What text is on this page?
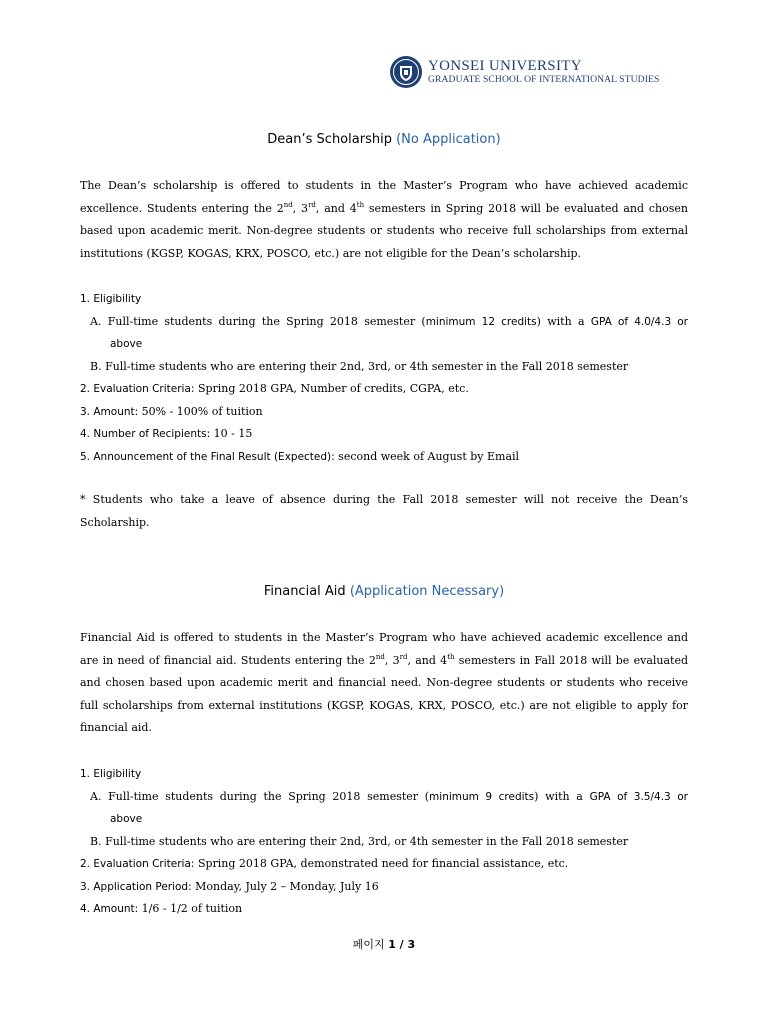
YONSEI UNIVERSITY
GRADUATE SCHOOL OF INTERNATIONAL STUDIES
Dean’s Scholarship (No Application)
The Dean’s scholarship is offered to students in the Master’s Program who have achieved academic
excellence. Students entering the 2nd, 3rd, and 4th semesters in Spring 2018 will be evaluated and chosen
based upon academic merit. Non-degree students or students who receive full scholarships from external
institutions (KGSP, KOGAS, KRX, POSCO, etc.) are not eligible for the Dean’s scholarship.
1. Eligibility
A. Full-time students during the Spring 2018 semester (minimum 12 credits) with a GPA of 4.0/4.3 or
above
B. Full-time students who are entering their 2nd, 3rd, or 4th semester in the Fall 2018 semester
2. Evaluation Criteria: Spring 2018 GPA, Number of credits, CGPA, etc.
3. Amount: 50% - 100% of tuition
4. Number of Recipients: 10 - 15
5. Announcement of the Final Result (Expected): second week of August by Email
* Students who take a leave of absence during the Fall 2018 semester will not receive the Dean’s
Scholarship.
Financial Aid (Application Necessary)
Financial Aid is offered to students in the Master’s Program who have achieved academic excellence and
are in need of financial aid. Students entering the 2nd, 3rd, and 4th semesters in Fall 2018 will be evaluated
and chosen based upon academic merit and financial need. Non-degree students or students who receive
full scholarships from external institutions (KGSP, KOGAS, KRX, POSCO, etc.) are not eligible to apply for
financial aid.
1. Eligibility
A. Full-time students during the Spring 2018 semester (minimum 9 credits) with a GPA of 3.5/4.3 or
above
B. Full-time students who are entering their 2nd, 3rd, or 4th semester in the Fall 2018 semester
2. Evaluation Criteria: Spring 2018 GPA, demonstrated need for financial assistance, etc.
3. Application Period: Monday, July 2 – Monday, July 16
4. Amount: 1/6 - 1/2 of tuition
페이지 1 / 3
